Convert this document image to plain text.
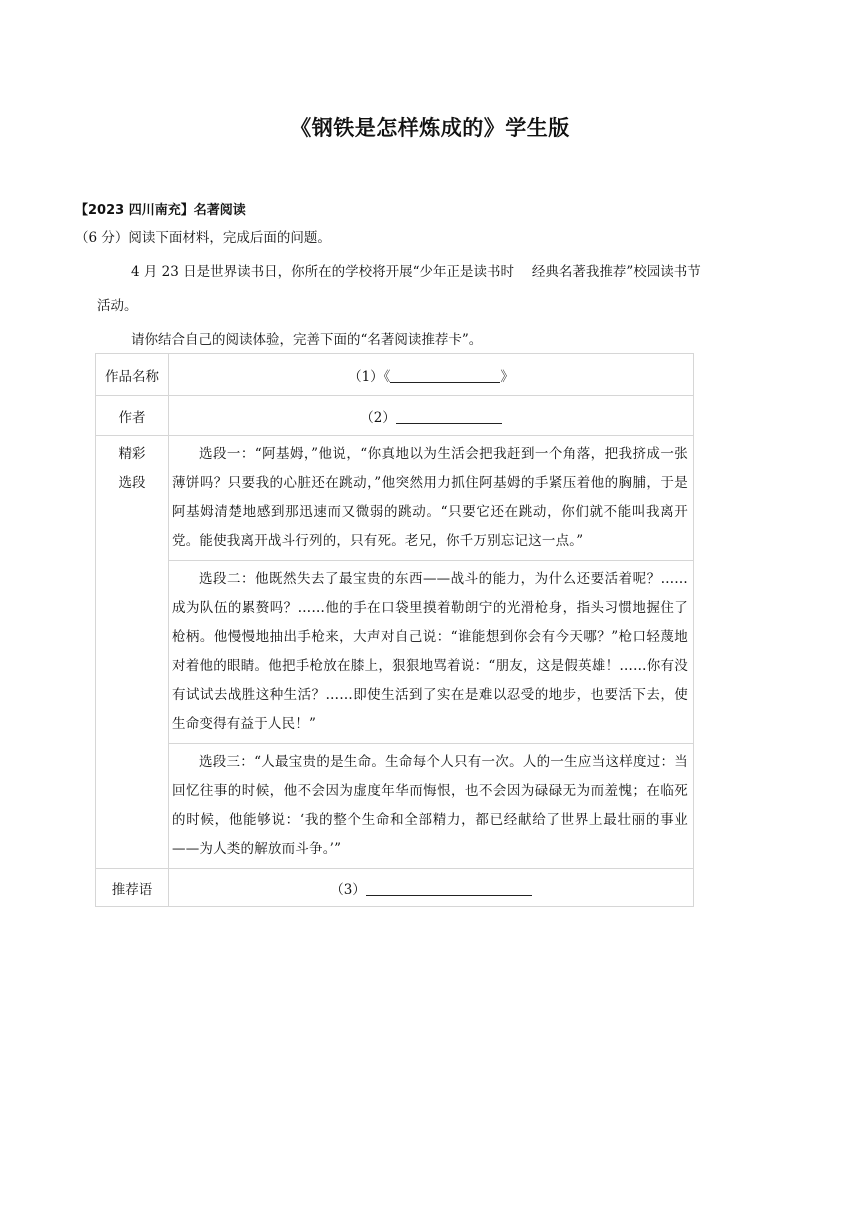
《钢铁是怎样炼成的》学生版
【2023 四川南充】名著阅读
（6 分）阅读下面材料，完成后面的问题。
4 月 23 日是世界读书日，你所在的学校将开展“少年正是读书时　 经典名著我推荐”校园读书节
活动。
请你结合自己的阅读体验，完善下面的“名著阅读推荐卡”。
作品名称	（1）《 》
作者	（2）

精彩
选段	选段一：“阿基姆，”他说，“你真地以为生活会把我赶到一个角落，把我挤成一张薄饼吗？只要我的心脏还在跳动，”他突然用力抓住阿基姆的手紧压着他的胸脯，于是阿基姆清楚地感到那迅速而又微弱的跳动。“只要它还在跳动，你们就不能叫我离开党。能使我离开战斗行列的，只有死。老兄，你千万别忘记这一点。”

	选段二：他既然失去了最宝贵的东西——战斗的能力，为什么还要活着呢？……成为队伍的累赘吗？……他的手在口袋里摸着勒朗宁的光滑枪身，指头习惯地握住了枪柄。他慢慢地抽出手枪来，大声对自己说：“谁能想到你会有今天哪？”枪口轻蔑地对着他的眼睛。他把手枪放在膝上，狠狠地骂着说：“朋友，这是假英雄！……你有没有试试去战胜这种生活？……即使生活到了实在是难以忍受的地步，也要活下去，使生命变得有益于人民！”

	选段三：“人最宝贵的是生命。生命每个人只有一次。人的一生应当这样度过：当回忆往事的时候，他不会因为虚度年华而悔恨，也不会因为碌碌无为而羞愧；在临死的时候，他能够说：‘我的整个生命和全部精力，都已经献给了世界上最壮丽的事业——为人类的解放而斗争。’”

推荐语	（3）
